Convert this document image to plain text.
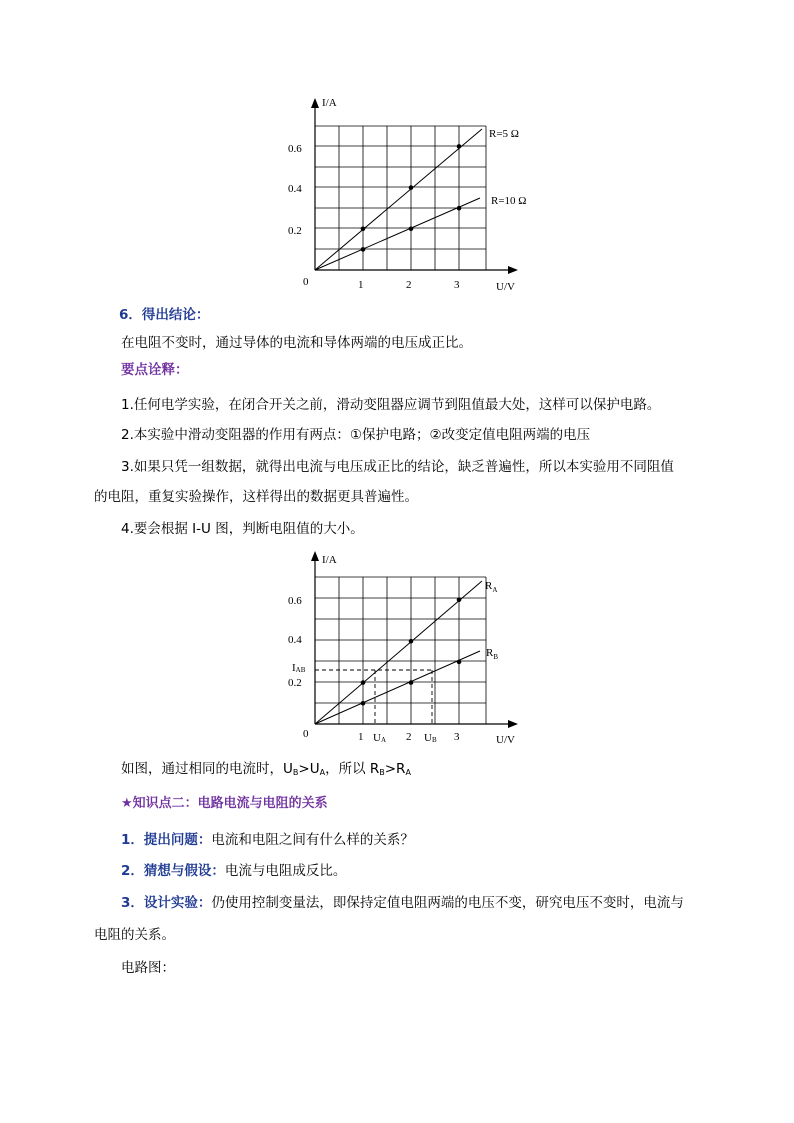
I/A
U/V
0
0.2
0.4
0.6
1	2	3
R=5 Ω
R=10 Ω
6．得出结论：
在电阻不变时，通过导体的电流和导体两端的电压成正比。
要点诠释：
1.任何电学实验，在闭合开关之前，滑动变阻器应调节到阻值最大处，这样可以保护电路。
2.本实验中滑动变阻器的作用有两点：①保护电路；②改变定值电阻两端的电压
3.如果只凭一组数据，就得出电流与电压成正比的结论，缺乏普遍性，所以本实验用不同阻值
的电阻，重复实验操作，这样得出的数据更具普遍性。
4.要会根据 I-U 图，判断电阻值的大小。
I/A
U/V
0
0.2
0.4
0.6
IAB
1	2	3
UA	UB
$R_A$
$R_B$
如图，通过相同的电流时，$U_B>U_A$，所以 $R_B>R_A$
★知识点二：电路电流与电阻的关系
1．提出问题：电流和电阻之间有什么样的关系？
2．猜想与假设：电流与电阻成反比。
3．设计实验：仍使用控制变量法，即保持定值电阻两端的电压不变，研究电压不变时，电流与
电阻的关系。
电路图：
